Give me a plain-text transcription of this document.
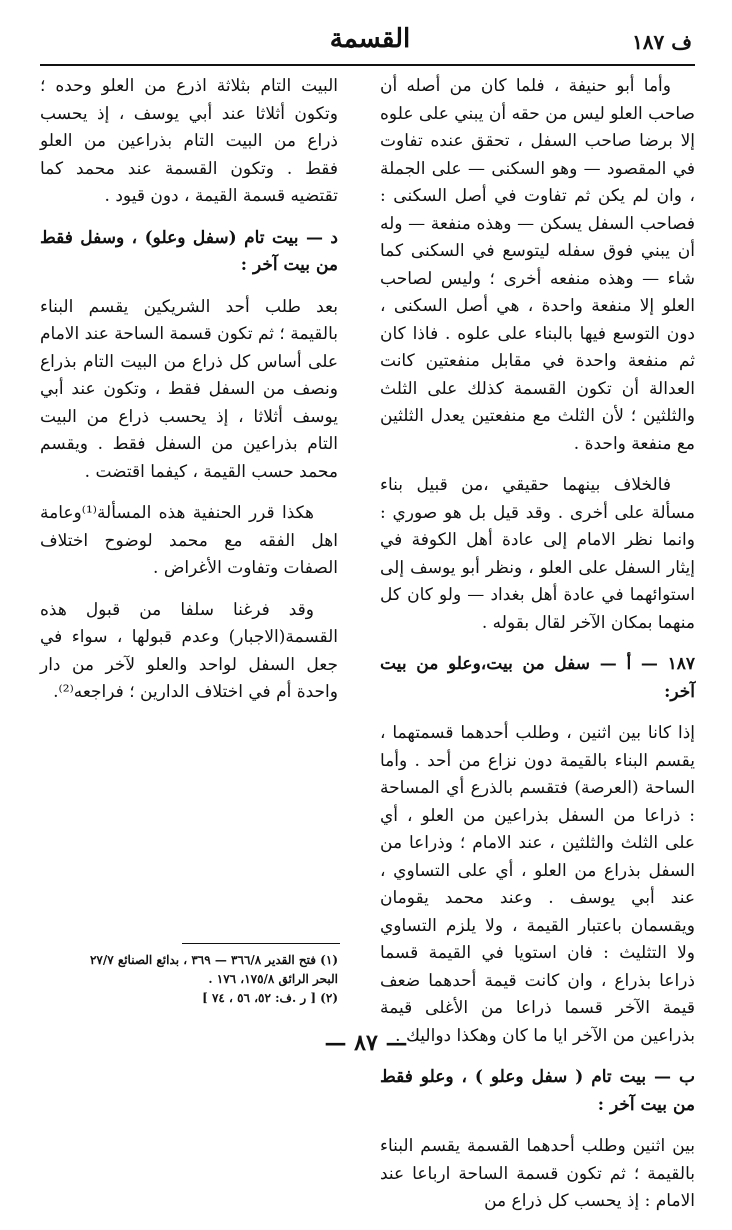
ف ١٨٧
القسمة

وأما أبو حنيفة ، فلما كان من أصله أن صاحب العلو ليس من حقه أن يبني على علوه إلا برضا صاحب السفل ، تحقق عنده تفاوت في المقصود — وهو السكنى — على الجملة ، وان لم يكن ثم تفاوت في أصل السكنى : فصاحب السفل يسكن — وهذه منفعة — وله أن يبني فوق سفله ليتوسع في السكنى كما شاء — وهذه منفعه أخرى ؛ وليس لصاحب العلو إلا منفعة واحدة ، هي أصل السكنى ، دون التوسع فيها بالبناء على علوه . فاذا كان ثم منفعة واحدة في مقابل منفعتين كانت العدالة أن تكون القسمة كذلك على الثلث والثلثين ؛ لأن الثلث مع منفعتين يعدل الثلثين مع منفعة واحدة .

فالخلاف بينهما حقيقي ،من قبيل بناء مسألة على أخرى . وقد قيل بل هو صوري : وانما نظر الامام إلى عادة أهل الكوفة في إيثار السفل على العلو ، ونظر أبو يوسف إلى استوائهما في عادة أهل بغداد — ولو كان كل منهما بمكان الآخر لقال بقوله .

١٨٧ — أ — سفل من بيت،وعلو من بيت آخر:

إذا كانا بين اثنين ، وطلب أحدهما قسمتهما ، يقسم البناء بالقيمة دون نزاع من أحد . وأما الساحة (العرصة) فتقسم بالذرع أي المساحة : ذراعا من السفل بذراعين من العلو ، أي على الثلث والثلثين ، عند الامام ؛ وذراعا من السفل بذراع من العلو ، أي على التساوي ، عند أبي يوسف . وعند محمد يقومان ويقسمان باعتبار القيمة ، ولا يلزم التساوي ولا التثليث : فان استويا في القيمة قسما ذراعا بذراع ، وان كانت قيمة أحدهما ضعف قيمة الآخر قسما ذراعا من الأغلى قيمة بذراعين من الآخر ايا ما كان وهكذا دواليك .

ب — بيت تام ( سفل وعلو ) ، وعلو فقط من بيت آخر :

بين اثنين وطلب أحدهما القسمة يقسم البناء بالقيمة ؛ ثم تكون قسمة الساحة ارباعا عند الامام : إذ يحسب كل ذراع من

البيت التام بثلاثة اذرع من العلو وحده ؛ وتكون أثلاثا عند أبي يوسف ، إذ يحسب ذراع من البيت التام بذراعين من العلو فقط . وتكون القسمة عند محمد كما تقتضيه قسمة القيمة ، دون قيود .

د — بيت تام (سفل وعلو) ، وسفل فقط من بيت آخر :

بعد طلب أحد الشريكين يقسم البناء بالقيمة ؛ ثم تكون قسمة الساحة عند الامام على أساس كل ذراع من البيت التام بذراع ونصف من السفل فقط ، وتكون عند أبي يوسف أثلاثا ، إذ يحسب ذراع من البيت التام بذراعين من السفل فقط . ويقسم محمد حسب القيمة ، كيفما اقتضت .

هكذا قرر الحنفية هذه المسألة⁽¹⁾وعامة اهل الفقه مع محمد لوضوح اختلاف الصفات وتفاوت الأغراض .

وقد فرغنا سلفا من قبول هذه القسمة(الاجبار) وعدم قبولها ، سواء في جعل السفل لواحد والعلو لآخر من دار واحدة أم في اختلاف الدارين ؛ فراجعه⁽²⁾.

(١) فتح القدير ٣٦٦/٨ — ٣٦٩ ، بدائع الصنائع ٢٧/٧
البحر الرائق ١٧٥/٨، ١٧٦ .
(٢) [ ر .ف: ٥٢، ٥٦ ، ٧٤ ]
— ٨٧ —
